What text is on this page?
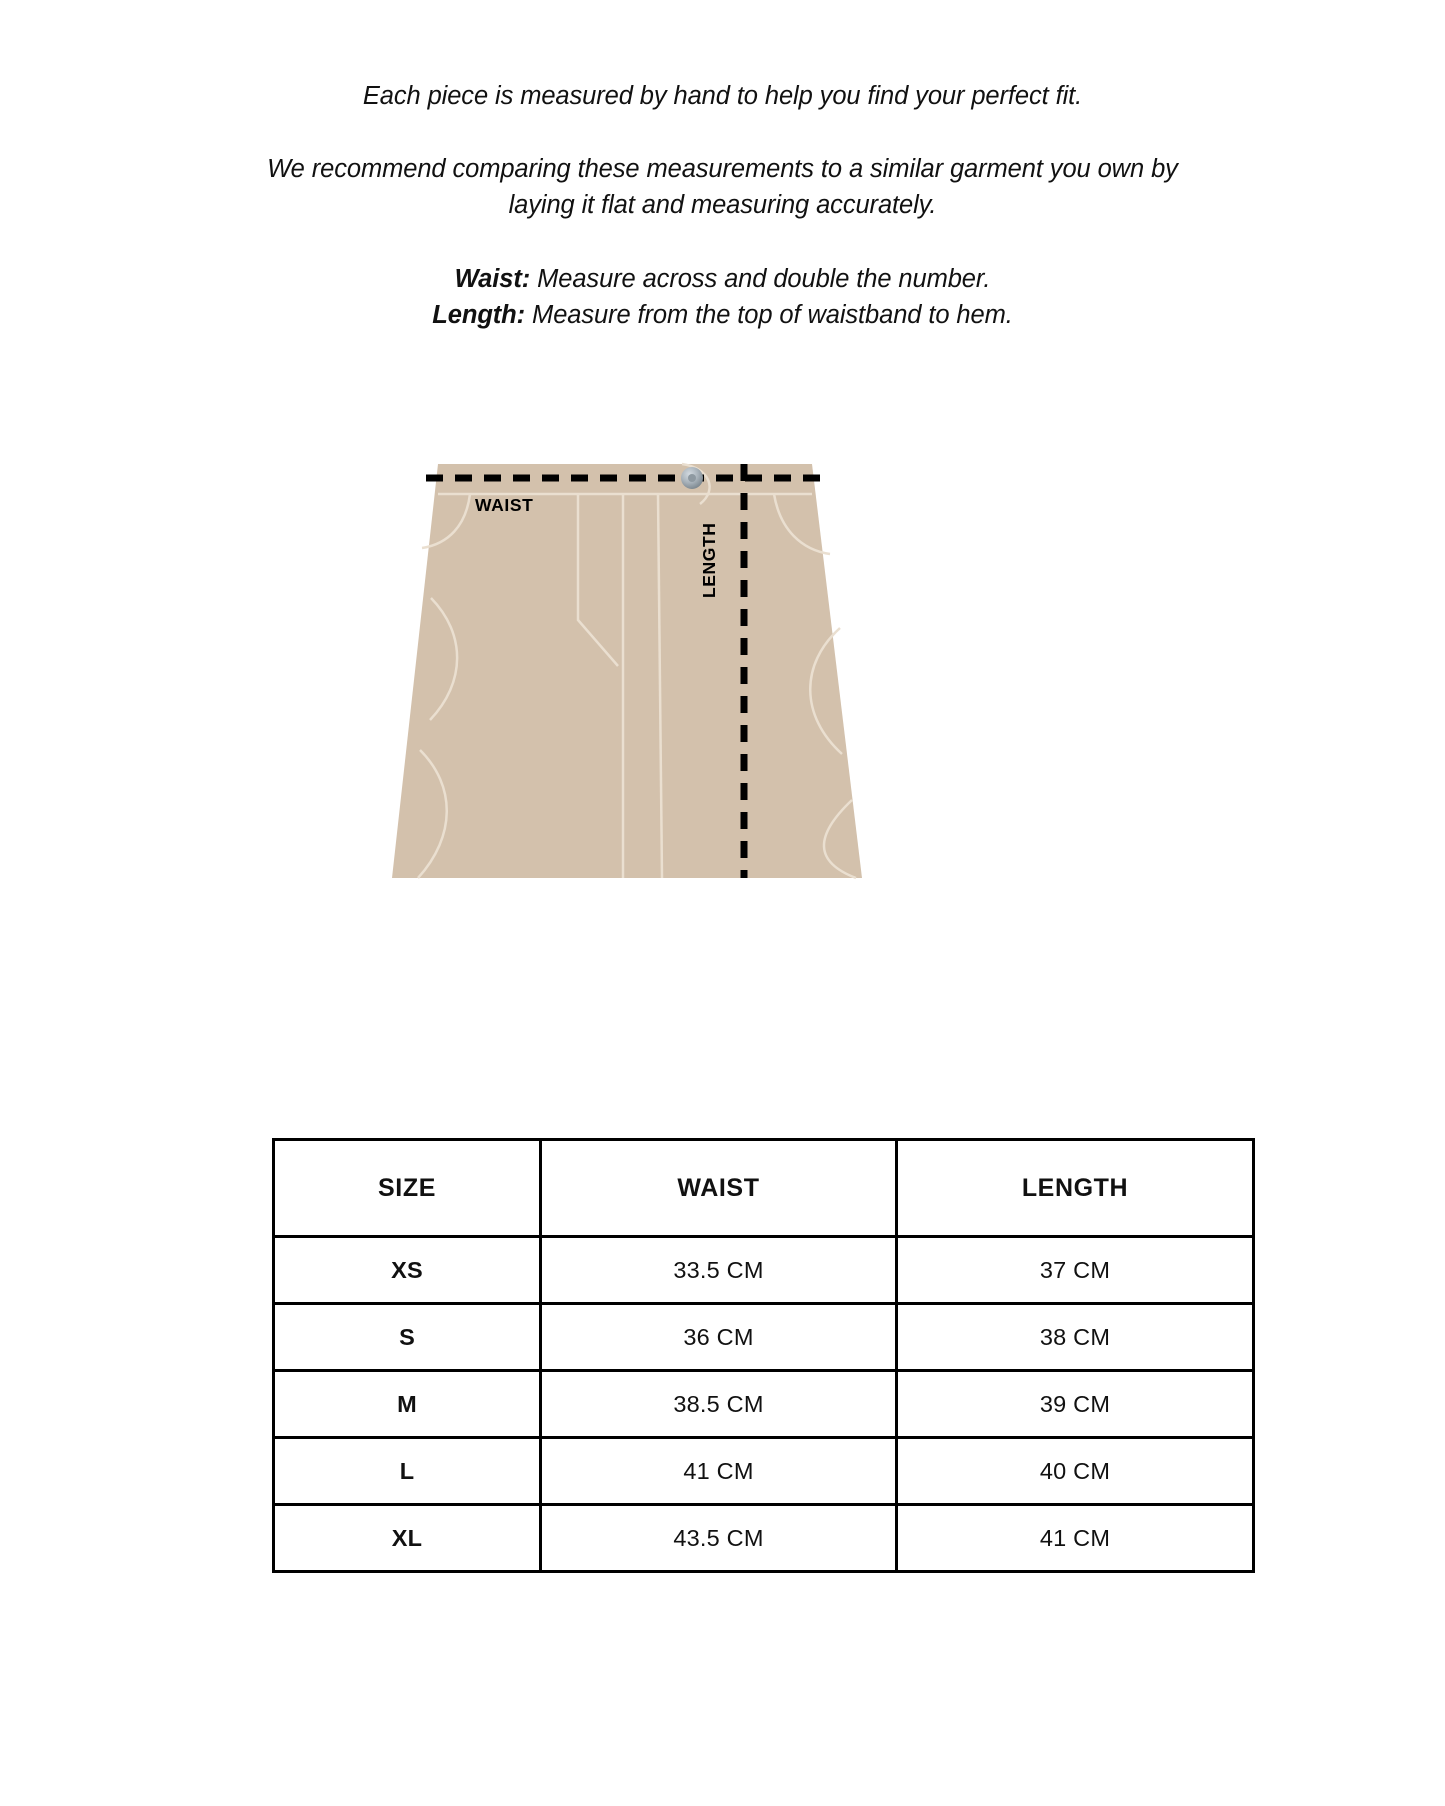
Each piece is measured by hand to help you find your perfect fit.

We recommend comparing these measurements to a similar garment you own by laying it flat and measuring accurately.

Waist: Measure across and double the number.

Length: Measure from the top of waistband to hem.

WAIST
LENGTH
SIZE	WAIST	LENGTH
XS	33.5 CM	37 CM
S	36 CM	38 CM
M	38.5 CM	39 CM
L	41 CM	40 CM
XL	43.5 CM	41 CM
